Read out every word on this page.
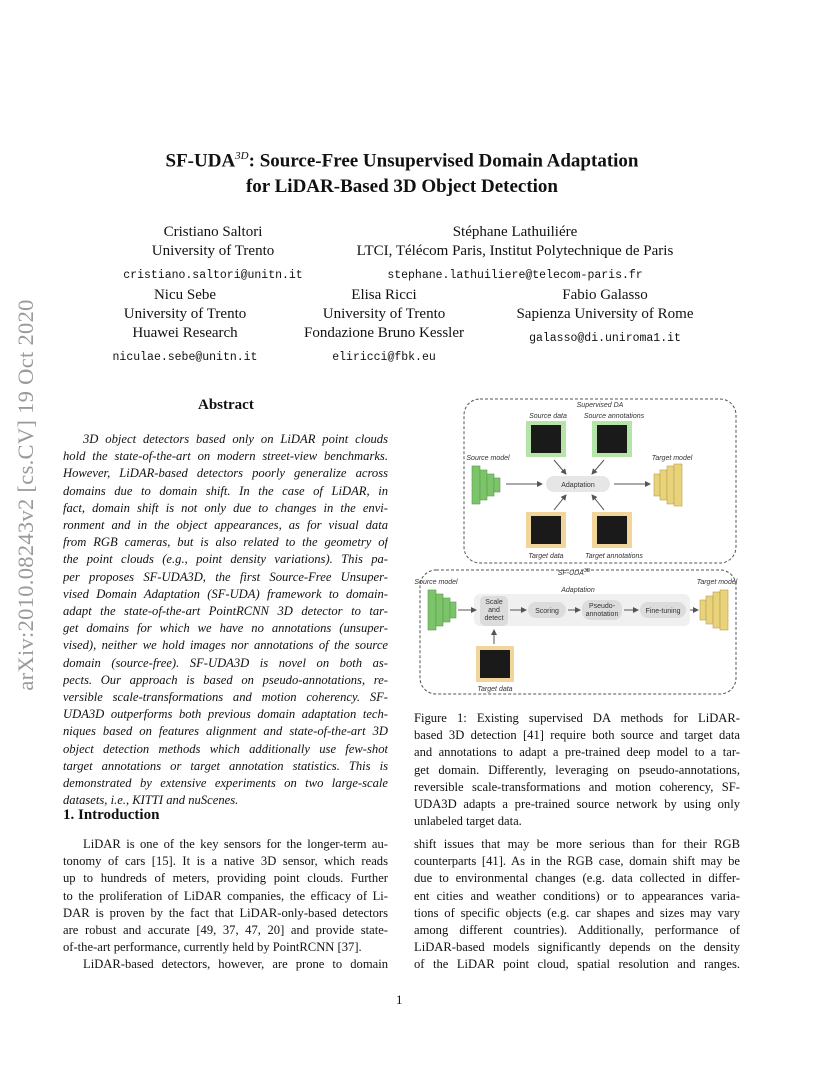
arXiv:2010.08243v2 [cs.CV] 19 Oct 2020
$SF-UDA^{3D}$: Source-Free Unsupervised Domain Adaptation
for LiDAR-Based 3D Object Detection
Cristiano Saltori
University of Trento
cristiano.saltori@unitn.it
Stéphane Lathuiliére
LTCI, Télécom Paris, Institut Polytechnique de Paris
stephane.lathuiliere@telecom-paris.fr
Nicu Sebe
University of Trento
Huawei Research
niculae.sebe@unitn.it
Elisa Ricci
University of Trento
Fondazione Bruno Kessler
eliricci@fbk.eu
Fabio Galasso
Sapienza University of Rome
galasso@di.uniroma1.it
Abstract
3D object detectors based only on LiDAR point clouds
hold the state-of-the-art on modern street-view benchmarks.
However, LiDAR-based detectors poorly generalize across
domains due to domain shift. In the case of LiDAR, in
fact, domain shift is not only due to changes in the envi-
ronment and in the object appearances, as for visual data
from RGB cameras, but is also related to the geometry of
the point clouds (e.g., point density variations). This pa-
per proposes SF-UDA3D, the first Source-Free Unsuper-
vised Domain Adaptation (SF-UDA) framework to domain-
adapt the state-of-the-art PointRCNN 3D detector to tar-
get domains for which we have no annotations (unsuper-
vised), neither we hold images nor annotations of the source
domain (source-free). SF-UDA3D is novel on both as-
pects. Our approach is based on pseudo-annotations, re-
versible scale-transformations and motion coherency. SF-
UDA3D outperforms both previous domain adaptation tech-
niques based on features alignment and state-of-the-art 3D
object detection methods which additionally use few-shot
target annotations or target annotation statistics. This is
demonstrated by extensive experiments on two large-scale
datasets, i.e., KITTI and nuScenes.
1. Introduction
LiDAR is one of the key sensors for the longer-term au-
tonomy of cars [15]. It is a native 3D sensor, which reads
up to hundreds of meters, providing point clouds. Further
to the proliferation of LiDAR companies, the efficacy of Li-
DAR is proven by the fact that LiDAR-only-based detectors
are robust and accurate [49, 37, 47, 20] and provide state-
of-the-art performance, currently held by PointRCNN [37].
LiDAR-based detectors, however, are prone to domain
Supervised DA
Source data Source annotations
Source model	Target model
Adaptation
Target data	Target annotations
$SF-UDA^{3D}$
Source model	Target model
Adaptation
Scale
and
detect
Scoring
Pseudo-
annotation	Fine-tuning
Target data
Figure 1: Existing supervised DA methods for LiDAR-
based 3D detection [41] require both source and target data
and annotations to adapt a pre-trained deep model to a tar-
get domain. Differently, leveraging on pseudo-annotations,
reversible scale-transformations and motion coherency, SF-
UDA3D adapts a pre-trained source network by using only
unlabeled target data.
shift issues that may be more serious than for their RGB
counterparts [41]. As in the RGB case, domain shift may be
due to environmental changes (e.g. data collected in differ-
ent cities and weather conditions) or to appearances varia-
tions of specific objects (e.g. car shapes and sizes may vary
among different countries). Additionally, performance of
LiDAR-based models significantly depends on the density
of the LiDAR point cloud, spatial resolution and ranges.
1
